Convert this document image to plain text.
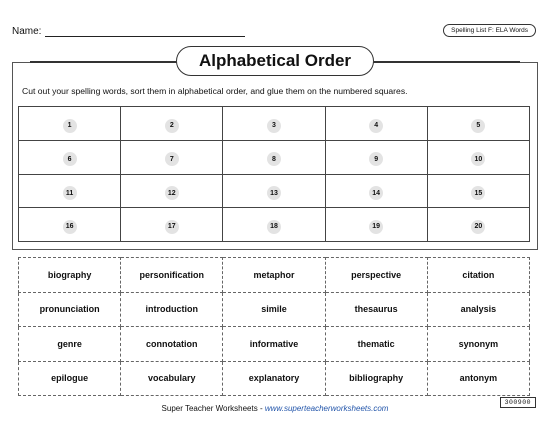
Name:	Spelling List F: ELA Words
Alphabetical Order
Cut out your spelling words, sort them in alphabetical order, and glue them on the numbered squares.
1	2	3	4	5
6	7	8	9	10
11	12	13	14	15
16	17	18	19	20
biography	personification	metaphor	perspective	citation
pronunciation	introduction	simile	thesaurus	analysis
genre	connotation	informative	thematic	synonym
epilogue	vocabulary	explanatory	bibliography	antonym
300900
Super Teacher Worksheets - www.superteacherworksheets.com
